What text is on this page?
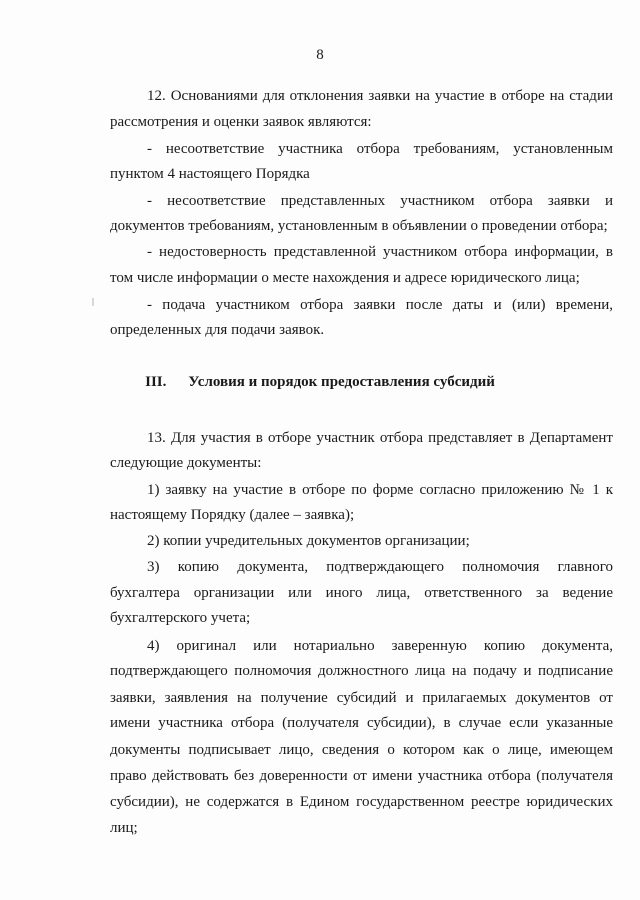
8
12. Основаниями для отклонения заявки на участие в отборе на стадии
рассмотрения и оценки заявок являются:
- несоответствие участника отбора требованиям, установленным
пунктом 4 настоящего Порядка
- несоответствие представленных участником отбора заявки и
документов требованиям, установленным в объявлении о проведении отбора;
- недостоверность представленной участником отбора информации, в
том числе информации о месте нахождения и адресе юридического лица;
- подача участником отбора заявки после даты и (или) времени,
определенных для подачи заявок.
III. Условия и порядок предоставления субсидий
13. Для участия в отборе участник отбора представляет в Департамент
следующие документы:
1) заявку на участие в отборе по форме согласно приложению № 1 к
настоящему Порядку (далее – заявка);
2) копии учредительных документов организации;
3) копию документа, подтверждающего полномочия главного
бухгалтера организации или иного лица, ответственного за ведение
бухгалтерского учета;
4) оригинал или нотариально заверенную копию документа,
подтверждающего полномочия должностного лица на подачу и подписание
заявки, заявления на получение субсидий и прилагаемых документов от
имени участника отбора (получателя субсидии), в случае если указанные
документы подписывает лицо, сведения о котором как о лице, имеющем
право действовать без доверенности от имени участника отбора (получателя
субсидии), не содержатся в Едином государственном реестре юридических
лиц;
